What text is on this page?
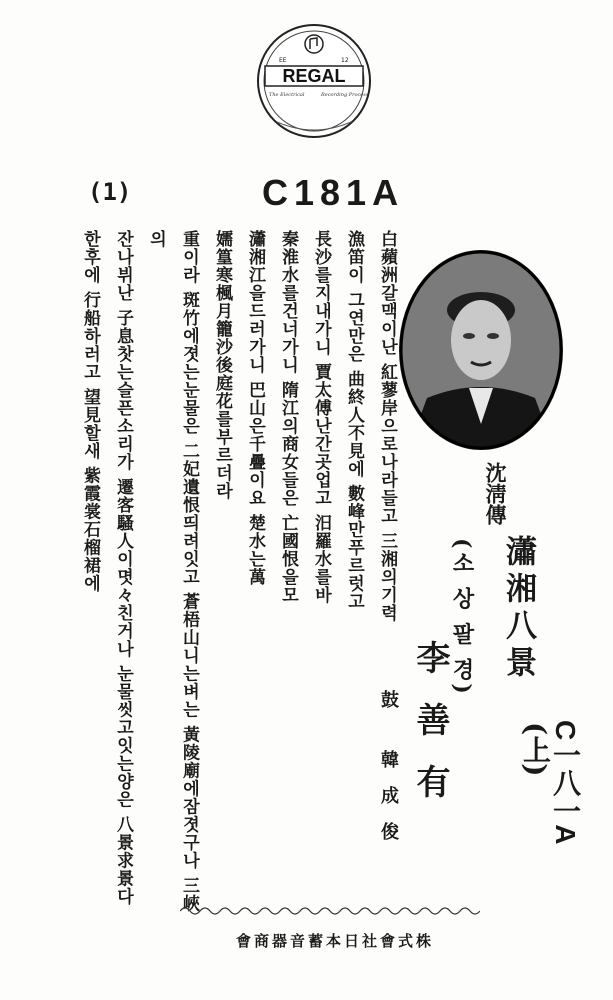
EE	12
REGAL
The Electrical	Recording Process
(1)	C181A

白蘋洲갈맥이난 紅蓼岸으로나라들고 三湘의기력

漁笛이 그연만은 曲終人不見에 數峰만푸르럿고

長沙를지내가니 賈太傅난간곳업고 汨羅水를바

秦淮水를건너가니 隋江의商女들은 亡國恨을모

瀟湘江을드러가니 巴山은千疊이요 楚水는萬

嬬篁寒楓月籠沙後庭花를부르더라

重이라 斑竹에졋는눈물은 二妃遺恨띄려잇고 蒼梧山니는벼는 黃陵廟에잠졋구나 三峽의

잔나뷔난 子息찻는슬픈소리가 遷客騷人이몃々친거나 눈물씻고잇는양은 八景求景다

한후에 行船하러고 望見할새 紫霞裳石榴裙에	沈淸傳
瀟湘八景
(소 상 팔 경)
(上)
李善有
鼓 韓成俊	C一八一A
株式會社日本蓄音器商會
